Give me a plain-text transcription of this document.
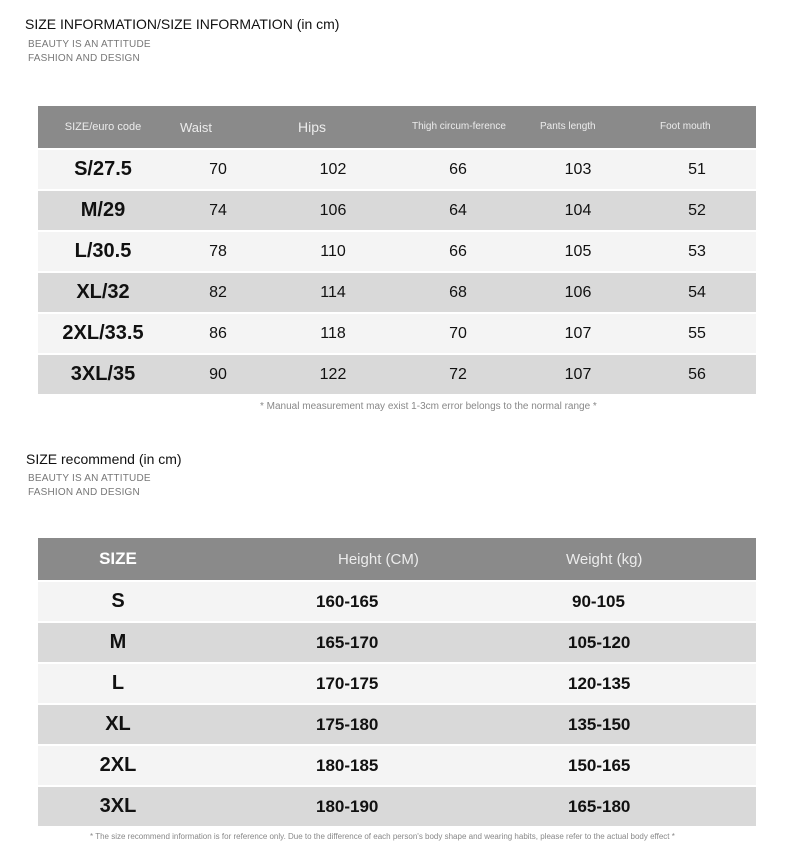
SIZE INFORMATION/SIZE INFORMATION (in cm)
BEAUTY IS AN ATTITUDE
FASHION AND DESIGN
SIZE/euro code	Waist	Hips	Thigh circum-ference	Pants length	Foot mouth
S/27.5	70	102	66	103	51
M/29	74	106	64	104	52
L/30.5	78	110	66	105	53
XL/32	82	114	68	106	54
2XL/33.5	86	118	70	107	55
3XL/35	90	122	72	107	56
* Manual measurement may exist 1-3cm error belongs to the normal range *
SIZE recommend (in cm)
BEAUTY IS AN ATTITUDE
FASHION AND DESIGN
SIZE	Height (CM)	Weight (kg)
S	160-165	90-105
M	165-170	105-120
L	170-175	120-135
XL	175-180	135-150
2XL	180-185	150-165
3XL	180-190	165-180
* The size recommend information is for reference only. Due to the difference of each person's body shape and wearing habits, please refer to the actual body effect *
